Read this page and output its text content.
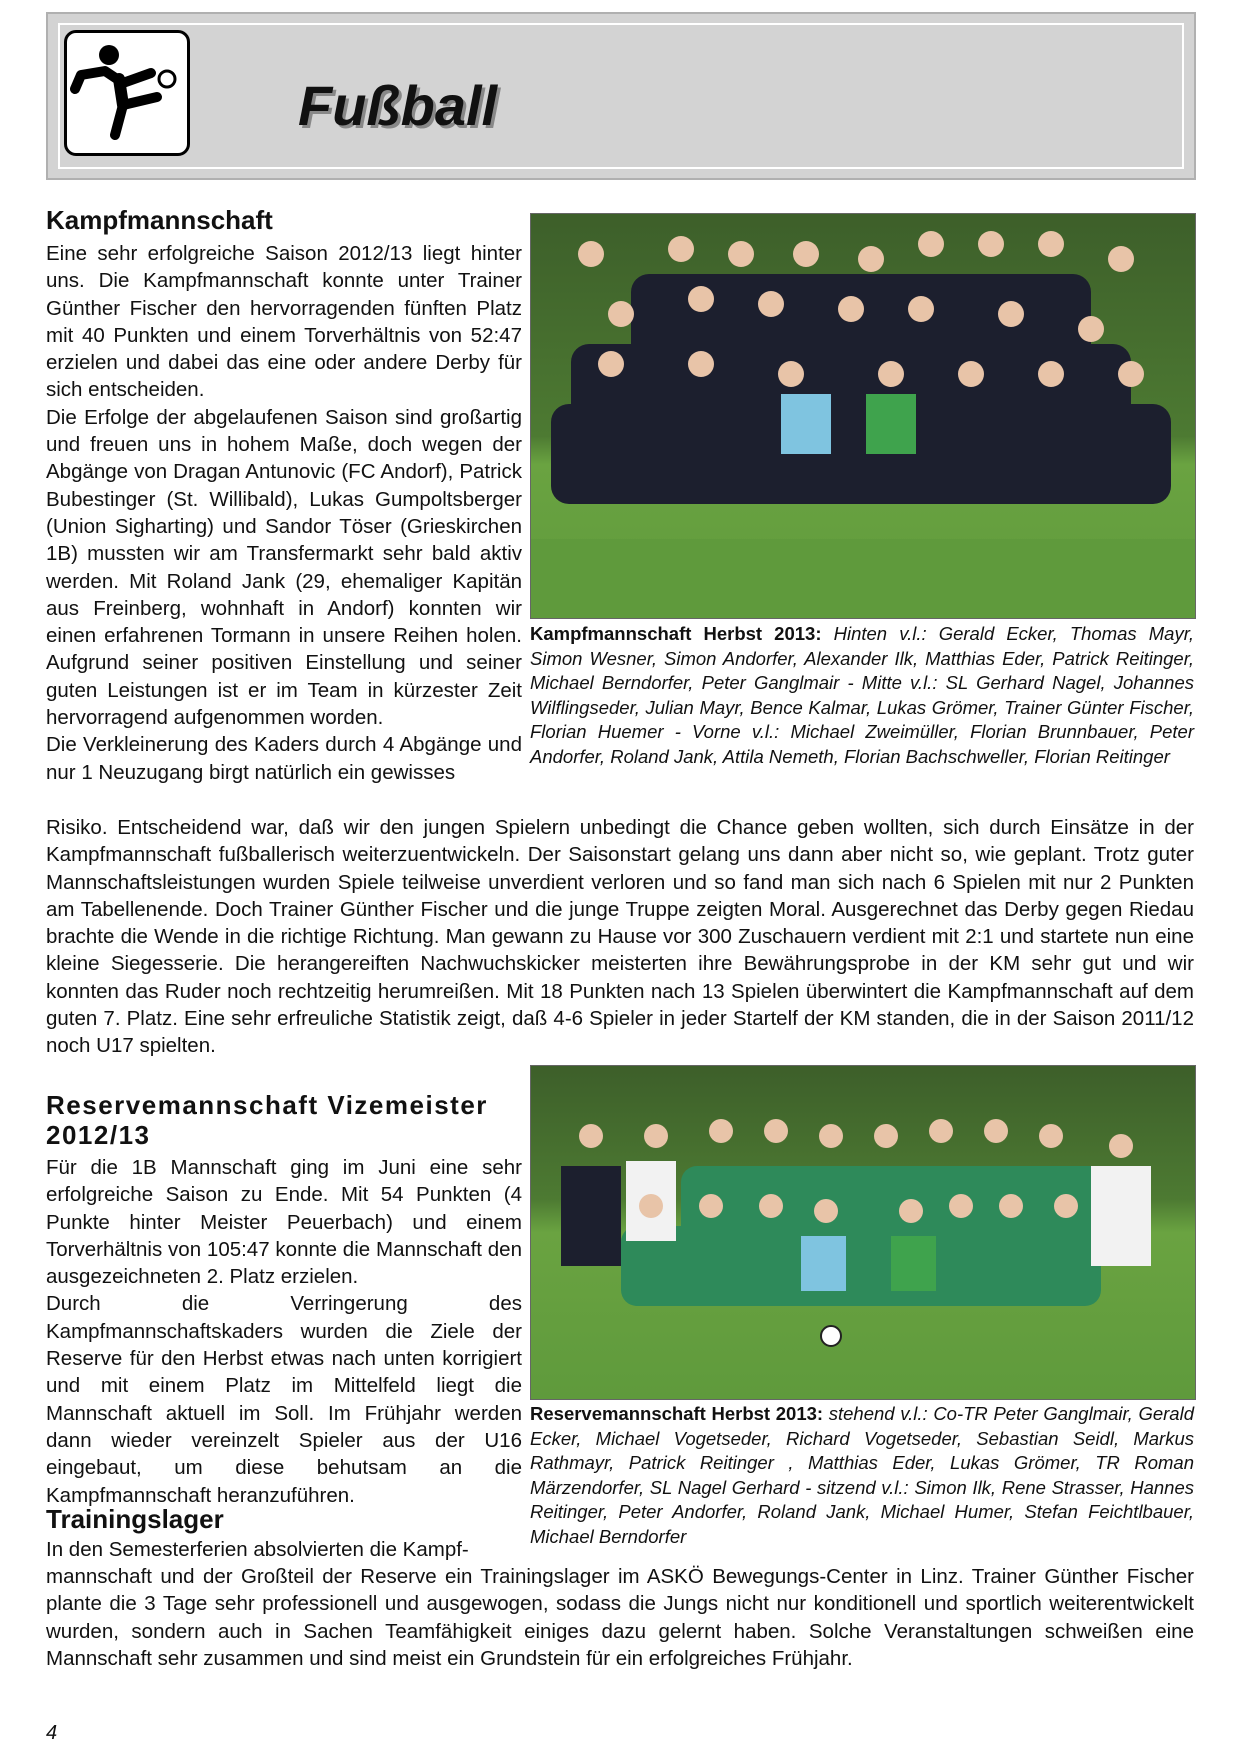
Fußball
Kampfmannschaft

Eine sehr erfolgreiche Saison 2012/13 liegt hinter uns. Die Kampfmannschaft konnte unter Trainer Günther Fischer den hervorragenden fünften Platz mit 40 Punkten und einem Torverhältnis von 52:47 erzielen und dabei das eine oder andere Derby für sich entscheiden.

Die Erfolge der abgelaufenen Saison sind großartig und freuen uns in hohem Maße, doch wegen der Abgänge von Dragan Antunovic (FC Andorf), Patrick Bubestinger (St. Willibald), Lukas Gumpoltsberger (Union Sigharting) und Sandor Töser (Grieskirchen 1B) mussten wir am Transfermarkt sehr bald aktiv werden. Mit Roland Jank (29, ehemaliger Kapitän aus Freinberg, wohnhaft in Andorf) konnten wir einen erfahrenen Tormann in unsere Reihen holen. Aufgrund seiner positiven Einstellung und seiner guten Leistungen ist er im Team in kürzester Zeit hervorragend aufgenommen worden.

Die Verkleinerung des Kaders durch 4 Abgänge und nur 1 Neuzugang birgt natürlich ein gewisses

Kampfmannschaft Herbst 2013: Hinten v.l.: Gerald Ecker, Thomas Mayr, Simon Wesner, Simon Andorfer, Alexander Ilk, Matthias Eder, Patrick Reitinger, Michael Berndorfer, Peter Ganglmair - Mitte v.l.: SL Gerhard Nagel, Johannes Wilflingseder, Julian Mayr, Bence Kalmar, Lukas Grömer, Trainer Günter Fischer, Florian Huemer - Vorne v.l.: Michael Zweimüller, Florian Brunnbauer, Peter Andorfer, Roland Jank, Attila Nemeth, Florian Bachschweller, Florian Reitinger
Risiko. Entscheidend war, daß wir den jungen Spielern unbedingt die Chance geben wollten, sich durch Einsätze in der Kampfmannschaft fußballerisch weiterzuentwickeln. Der Saisonstart gelang uns dann aber nicht so, wie geplant. Trotz guter Mannschaftsleistungen wurden Spiele teilweise unverdient verloren und so fand man sich nach 6 Spielen mit nur 2 Punkten am Tabellenende. Doch Trainer Günther Fischer und die junge Truppe zeigten Moral. Ausgerechnet das Derby gegen Riedau brachte die Wende in die richtige Richtung. Man gewann zu Hause vor 300 Zuschauern verdient mit 2:1 und startete nun eine kleine Siegesserie. Die herangereiften Nachwuchskicker meisterten ihre Bewährungsprobe in der KM sehr gut und wir konnten das Ruder noch rechtzeitig herumreißen. Mit 18 Punkten nach 13 Spielen überwintert die Kampfmannschaft auf dem guten 7. Platz. Eine sehr erfreuliche Statistik zeigt, daß 4-6 Spieler in jeder Startelf der KM standen, die in der Saison 2011/12 noch U17 spielten.
Reservemannschaft Vizemeister 2012/13

Für die 1B Mannschaft ging im Juni eine sehr erfolgreiche Saison zu Ende. Mit 54 Punkten (4 Punkte hinter Meister Peuerbach) und einem Torverhältnis von 105:47 konnte die Mannschaft den ausgezeichneten 2. Platz erzielen.

Durch die Verringerung des Kampfmannschaftskaders wurden die Ziele der Reserve für den Herbst etwas nach unten korrigiert und mit einem Platz im Mittelfeld liegt die Mannschaft aktuell im Soll. Im Frühjahr werden dann wieder vereinzelt Spieler aus der U16 eingebaut, um diese behutsam an die Kampfmannschaft heranzuführen.

Reservemannschaft Herbst 2013: stehend v.l.: Co-TR Peter Ganglmair, Gerald Ecker, Michael Vogetseder, Richard Vogetseder, Sebastian Seidl, Markus Rathmayr, Patrick Reitinger , Matthias Eder, Lukas Grömer, TR Roman Märzendorfer, SL Nagel Gerhard - sitzend v.l.: Simon Ilk, Rene Strasser, Hannes Reitinger, Peter Andorfer, Roland Jank, Michael Humer, Stefan Feichtlbauer, Michael Berndorfer
Trainingslager
In den Semesterferien absolvierten die Kampf-
mannschaft und der Großteil der Reserve ein Trainingslager im ASKÖ Bewegungs-Center in Linz. Trainer Günther Fischer plante die 3 Tage sehr professionell und ausgewogen, sodass die Jungs nicht nur konditionell und sportlich weiterentwickelt wurden, sondern auch in Sachen Teamfähigkeit einiges dazu gelernt haben. Solche Veranstaltungen schweißen eine Mannschaft sehr zusammen und sind meist ein Grundstein für ein erfolgreiches Frühjahr.
4
